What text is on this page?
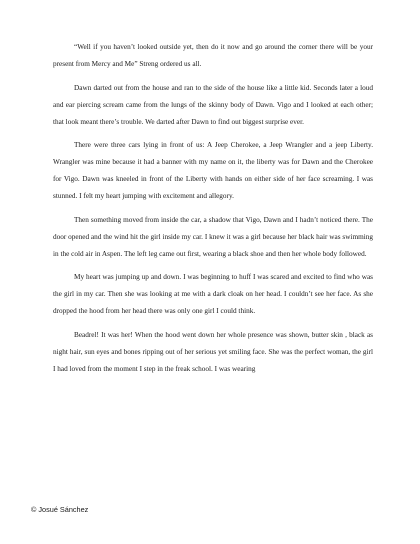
“Well if you haven’t looked outside yet, then do it now and go around the corner there will be your present from Mercy and Me” Streng ordered us all.

Dawn darted out from the house and ran to the side of the house like a little kid. Seconds later a loud and ear piercing scream came from the lungs of the skinny body of Dawn. Vigo and I looked at each other; that look meant there’s trouble. We darted after Dawn to find out biggest surprise ever.

There were three cars lying in front of us: A Jeep Cherokee, a Jeep Wrangler and a jeep Liberty. Wrangler was mine because it had a banner with my name on it, the liberty was for Dawn and the Cherokee for Vigo. Dawn was kneeled in front of the Liberty with hands on either side of her face screaming. I was stunned. I felt my heart jumping with excitement and allegory.

Then something moved from inside the car, a shadow that Vigo, Dawn and I hadn’t noticed there. The door opened and the wind hit the girl inside my car. I knew it was a girl because her black hair was swimming in the cold air in Aspen. The left leg came out first, wearing a black shoe and then her whole body followed.

My heart was jumping up and down. I was beginning to huff I was scared and excited to find who was the girl in my car. Then she was looking at me with a dark cloak on her head. I couldn’t see her face. As she dropped the hood from her head there was only one girl I could think.

Beadrel! It was her! When the hood went down her whole presence was shown, butter skin , black as night hair, sun eyes and bones ripping out of her serious yet smiling face. She was the perfect woman, the girl I had loved from the moment I step in the freak school. I was wearing

© Josué Sánchez
